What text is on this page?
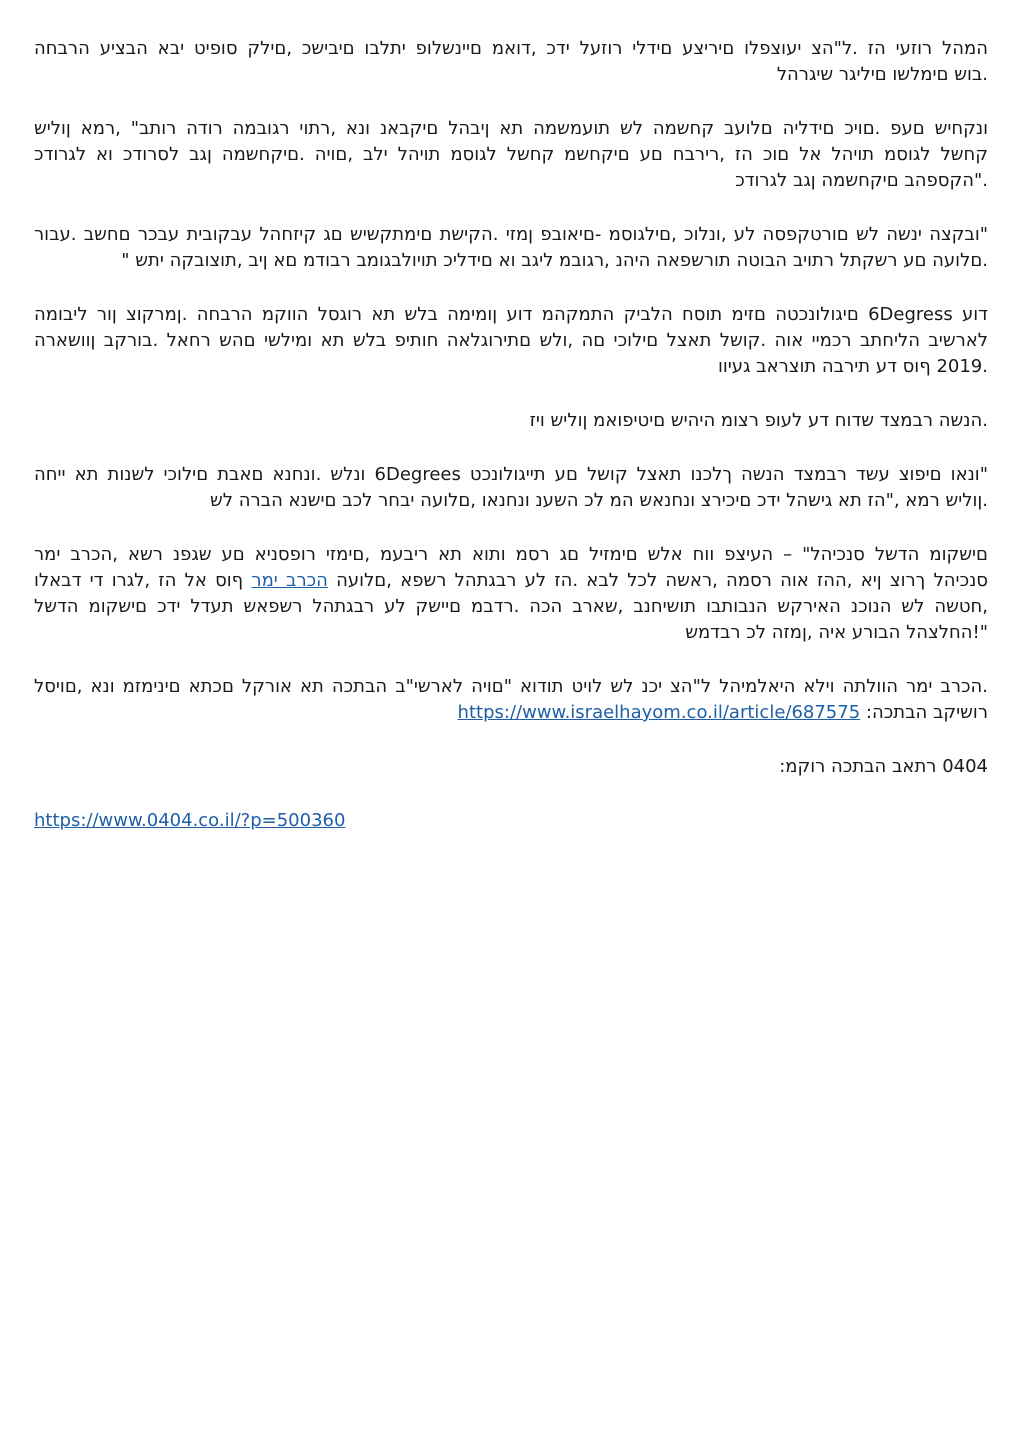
המהל רוזעי הז .ל"הצ יעוצפלו םיריצע םידלי רוזעל ידכ ,דואמ םיינשלופ יתלבו םיבישכ ,םילק סופיט יבא הבציע הרבחה
.בוש םימלשו םיליגר שיגרהל
ונקחיש םעפ .םויכ םידליה םלועב קחשמה לש תועמשמה תא ןיבהל םיקבאנ ונא ,רתוי רגובמה רודה רותב" ,רמא ןוליש
קחשל לגוסמ תויהל אל םוכ הז ,רירבח םע םיקחשמ קחשל לגוסמ תויהל ילב ,םויה .םיקחשמה ןגב לסרודכ וא לגרודכ
."הקספהב םיקחשמה ןגב לגרודכ
"ובקצה ינשה לש םורטקפסה לע ,ונלוכ ,םילגוסמ -םיאובפ ןמזי .הקישת םימתקשיש םג קיזחהל עבקובית עבכר םחשב .עבור
.םלועה םע רשקתל רתויב הבוטה תורשפאה היהנ ,רגובמ ליגב וא םידליכ תויולבגומב רבודמ םא ןיב ,תוצובקה יתש "
דוע 6Degress םיגולונכטה םזימ תוסח הלביק התמקהמ דוע ןומימה בלש תא רוגסל הווקמ הרבחה .ןמרקוצ ןור ליבומה
לארשיב הליחתב רכמיי אוה .קושל תאצל םילוכי םה ,ולש םתירוגלאה חותיפ בלש תא ומילשי םהש רחאל .בורקב ןוושארה
.2019 ףוס דע תירבה תוצראב געיוו
.הנשה רבמצד שדוח דע לעופ רצומ היהיש םיטיפואמ ןוליש ויז
"ונאו םיפוצ עשד רבמצד הנשה ךלכנו תאצל קושל םע תייגולונכט 6Degrees ונלש .ונחנא םאבת םילוכי לשנות תא ייחה
.ןוליש רמא ,"הז תא גישהל ידכ םיכירצ ונחנאש המ לכ השענ ונחנאו ,םלועה יבחר לכב םישנא הברה לש
םישקומ הדשל סנכיהל" – העיצפ ווח אלש םימזיל םג רסמ ותוא תא ריבעמ ,םימזי רופסניא םע שגפנ רשא ,הכרב ימר
סנכיהל ךרוצ ןיא ,ההז אוה רסמה ,ראשה לכל לבא .הז לע רבגתהל רשפא ,םלועה הכרב ימר ףוס אל הז ,לגרו די דבאלו
,חטשה לש הנוכנ האירקש הנבותבו תושיחנב ,שארב הכה .רדבמ םיישק לע רבגתהל רשפאש תעדל ידכ םישקומ הדשל
"!החלצהל הבורע איה ,ןמזה לכ רבדמש
.הכרב ימר הוולתה וילא היאלמיהל ל"הצ יכנ לש לויט תודוא "םויה לארשי"ב הבתכה תא אורקל םכתא םינימזמ ונא ,םויסל
רושיקב הבתכה: https://www.israelhayom.co.il/article/687575
0404 רתאב הבתכה רוקמ:
https://www.0404.co.il/?p=500360
